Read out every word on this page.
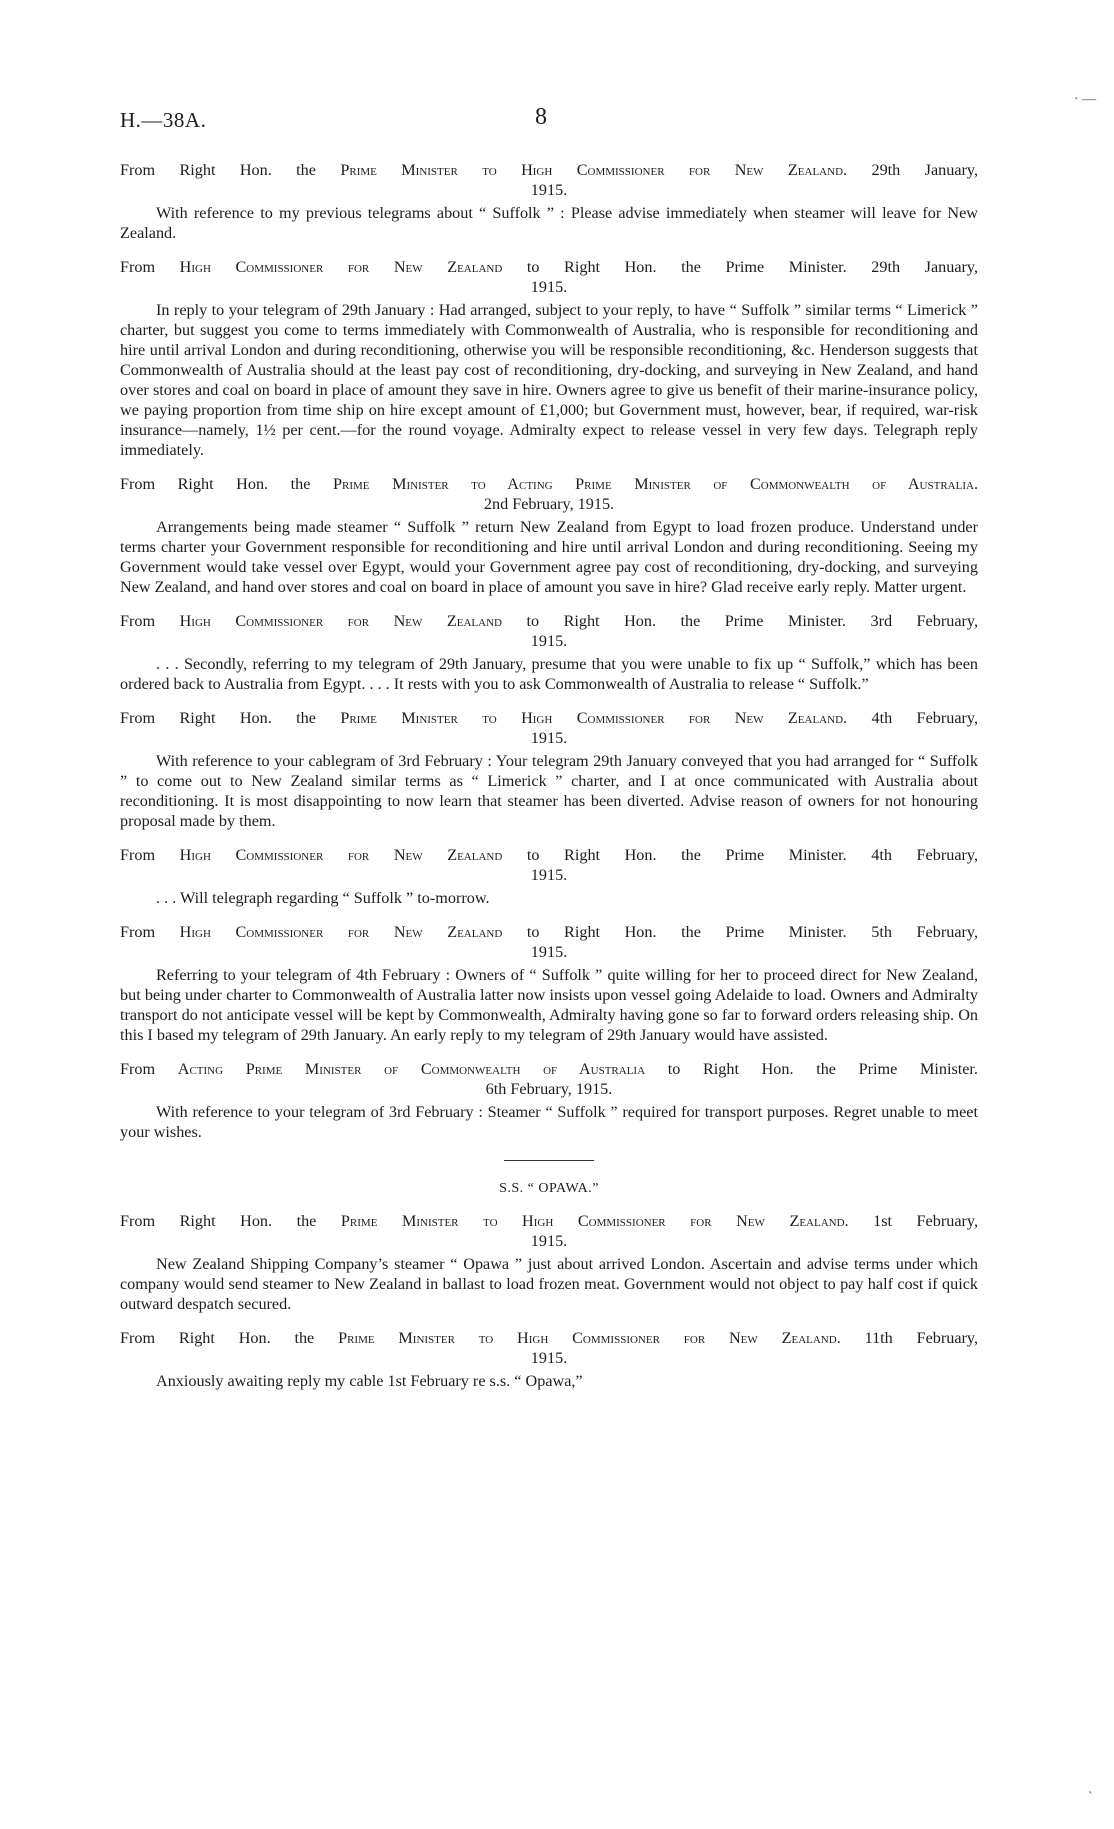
H.—38A.	8
· —
`

From Right Hon. the Prime Minister to High Commissioner for New Zealand. 29th January,

1915.

With reference to my previous telegrams about “ Suffolk ” : Please advise immediately when steamer will leave for New Zealand.

From High Commissioner for New Zealand to Right Hon. the Prime Minister. 29th January,

1915.

In reply to your telegram of 29th January : Had arranged, subject to your reply, to have “ Suffolk ” similar terms “ Limerick ” charter, but suggest you come to terms immediately with Commonwealth of Australia, who is responsible for reconditioning and hire until arrival London and during reconditioning, otherwise you will be responsible reconditioning, &c. Henderson suggests that Commonwealth of Australia should at the least pay cost of reconditioning, dry-docking, and surveying in New Zealand, and hand over stores and coal on board in place of amount they save in hire. Owners agree to give us benefit of their marine-insurance policy, we paying proportion from time ship on hire except amount of £1,000; but Government must, however, bear, if required, war-risk insurance—namely, 1½ per cent.—for the round voyage. Admiralty expect to release vessel in very few days. Telegraph reply immediately.

From Right Hon. the Prime Minister to Acting Prime Minister of Commonwealth of Australia.

2nd February, 1915.

Arrangements being made steamer “ Suffolk ” return New Zealand from Egypt to load frozen produce. Understand under terms charter your Government responsible for reconditioning and hire until arrival London and during reconditioning. Seeing my Government would take vessel over Egypt, would your Government agree pay cost of reconditioning, dry-docking, and surveying New Zealand, and hand over stores and coal on board in place of amount you save in hire? Glad receive early reply. Matter urgent.

From High Commissioner for New Zealand to Right Hon. the Prime Minister. 3rd February,

1915.

. . . Secondly, referring to my telegram of 29th January, presume that you were unable to fix up “ Suffolk,” which has been ordered back to Australia from Egypt. . . . It rests with you to ask Commonwealth of Australia to release “ Suffolk.”

From Right Hon. the Prime Minister to High Commissioner for New Zealand. 4th February,

1915.

With reference to your cablegram of 3rd February : Your telegram 29th January conveyed that you had arranged for “ Suffolk ” to come out to New Zealand similar terms as “ Limerick ” charter, and I at once communicated with Australia about reconditioning. It is most disappointing to now learn that steamer has been diverted. Advise reason of owners for not honouring proposal made by them.

From High Commissioner for New Zealand to Right Hon. the Prime Minister. 4th February,

1915.

. . . Will telegraph regarding “ Suffolk ” to-morrow.

From High Commissioner for New Zealand to Right Hon. the Prime Minister. 5th February,

1915.

Referring to your telegram of 4th February : Owners of “ Suffolk ” quite willing for her to proceed direct for New Zealand, but being under charter to Commonwealth of Australia latter now insists upon vessel going Adelaide to load. Owners and Admiralty transport do not anticipate vessel will be kept by Commonwealth, Admiralty having gone so far to forward orders releasing ship. On this I based my telegram of 29th January. An early reply to my telegram of 29th January would have assisted.

From Acting Prime Minister of Commonwealth of Australia to Right Hon. the Prime Minister.

6th February, 1915.

With reference to your telegram of 3rd February : Steamer “ Suffolk ” required for transport purposes. Regret unable to meet your wishes.

S.S. “ OPAWA.”

From Right Hon. the Prime Minister to High Commissioner for New Zealand. 1st February,

1915.

New Zealand Shipping Company’s steamer “ Opawa ” just about arrived London. Ascertain and advise terms under which company would send steamer to New Zealand in ballast to load frozen meat. Government would not object to pay half cost if quick outward despatch secured.

From Right Hon. the Prime Minister to High Commissioner for New Zealand. 11th February,

1915.

Anxiously awaiting reply my cable 1st February re s.s. “ Opawa,”
